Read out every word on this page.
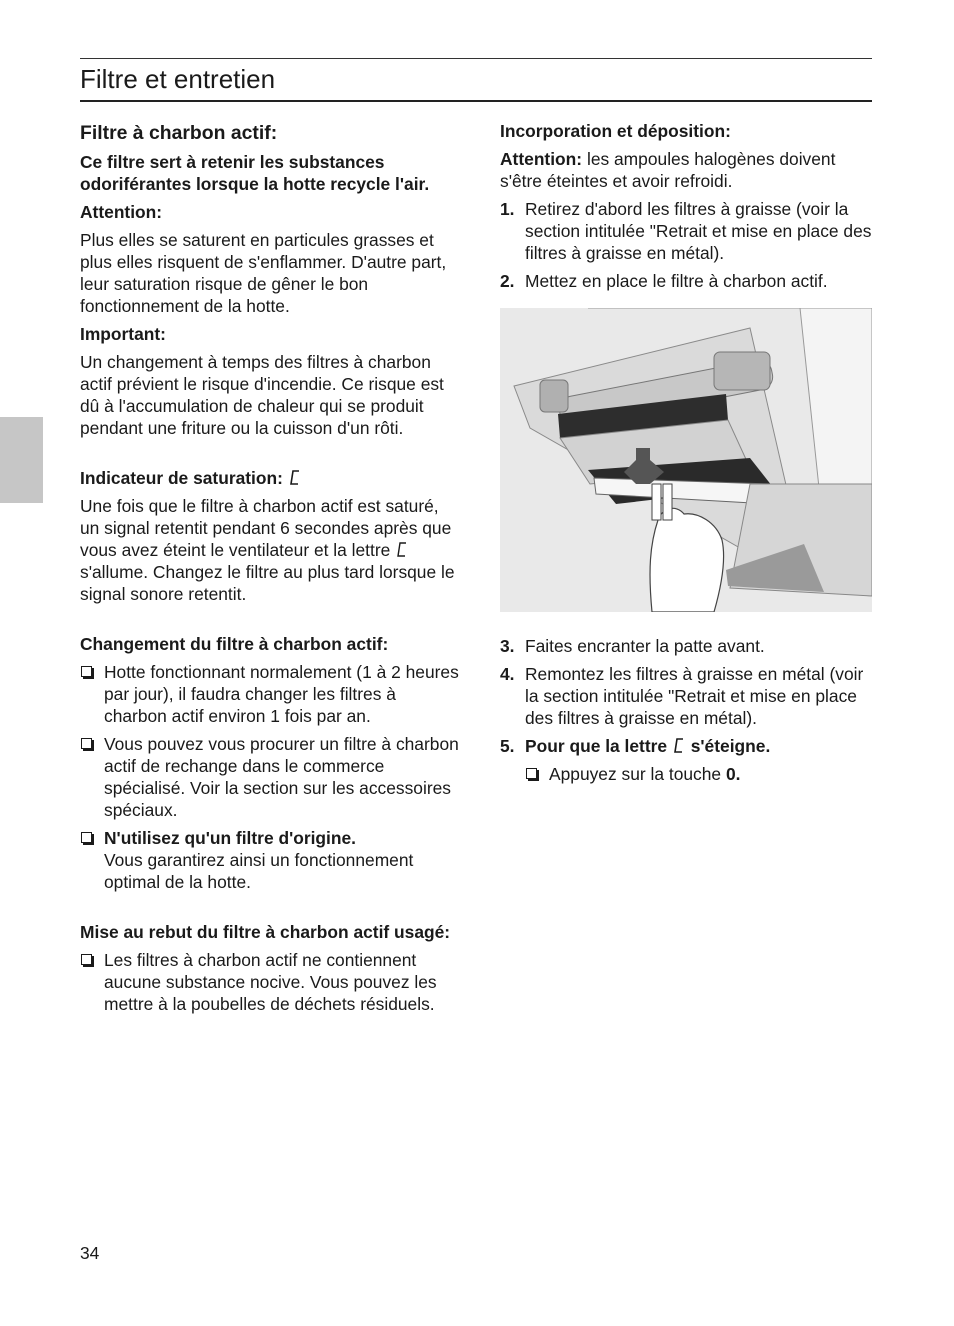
Filtre et entretien
Filtre à charbon actif:

Ce filtre sert à retenir les substances odoriférantes lorsque la hotte recycle l'air.

Attention:

Plus elles se saturent en particules grasses et plus elles risquent de s'enflammer. D'autre part, leur saturation risque de gêner le bon fonctionnement de la hotte.

Important:

Un changement à temps des filtres à charbon actif prévient le risque d'incendie. Ce risque est dû à l'accumulation de chaleur qui se produit pendant une friture ou la cuisson d'un rôti.

Indicateur de saturation:

Une fois que le filtre à charbon actif est saturé, un signal retentit pendant 6 secondes après que vous avez éteint le ventilateur et la lettre  s'allume. Changez le filtre au plus tard lorsque le signal sonore retentit.

Changement du filtre à charbon actif:

Hotte fonctionnant normalement (1 à 2 heures par jour), il faudra changer les filtres à charbon actif environ 1 fois par an.
Vous pouvez vous procurer un filtre à charbon actif de rechange dans le commerce spécialisé. Voir la section sur les accessoires spéciaux.
N'utilisez qu'un filtre d'origine.
Vous garantirez ainsi un fonctionnement optimal de la hotte.

Mise au rebut du filtre à charbon actif usagé:

Les filtres à charbon actif ne contiennent aucune substance nocive. Vous pouvez les mettre à la poubelles de déchets résiduels.

Incorporation et déposition:

Attention: les ampoules halogènes doivent s'être éteintes et avoir refroidi.

1. Retirez d'abord les filtres à graisse (voir la section intitulée "Retrait et mise en place des filtres à graisse en métal).
2. Mettez en place le filtre à charbon actif.
3. Faites encranter la patte avant.
4. Remontez les filtres à graisse en métal (voir la section intitulée "Retrait et mise en place des filtres à graisse en métal).
5. Pour que la lettre s'éteigne.
Appuyez sur la touche 0.
34
